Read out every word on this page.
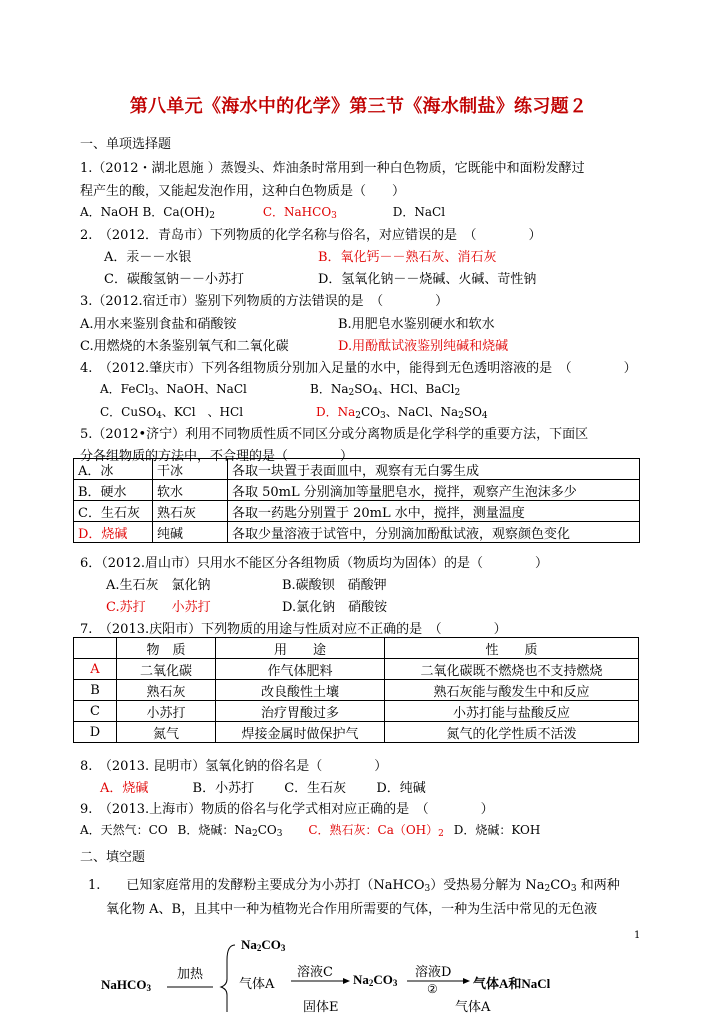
第八单元《海水中的化学》第三节《海水制盐》练习题２
一、单项选择题
1.（2012・湖北恩施 ）蒸馒头、炸油条时常用到一种白色物质，它既能中和面粉发酵过
程产生的酸，又能起发泡作用，这种白色物质是（　　）
A．NaOH B．$Ca(OH)_2$	C．NaHCO$_3$	D．NaCl
2.　（2012．青岛市）下列物质的化学名称与俗名，对应错误的是　（　　　　）
A．汞－－水银	B．氧化钙－－熟石灰、消石灰
C．碳酸氢钠－－小苏打	D．氢氧化钠－－烧碱、火碱、苛性钠
3.（2012.宿迁市）鉴别下列物质的方法错误的是　（　　　　）
A.用水来鉴别食盐和硝酸铵	B.用肥皂水鉴别硬水和软水
C.用燃烧的木条鉴别氧气和二氧化碳	D.用酚酞试液鉴别纯碱和烧碱
4.　（2012.肇庆市）下列各组物质分别加入足量的水中，能得到无色透明溶液的是　（　　　　）
A．FeCl$_3$、NaOH、NaCl	B．$Na_2SO_4$、HCl、BaCl$_2$
C．CuSO$_4$、KCl　、HCl	D．$Na_2CO_3$、NaCl、$Na_2SO_4$
5.（2012•济宁）利用不同物质性质不同区分或分离物质是化学科学的重要方法，下面区
分各组物质的方法中，不合理的是（　　　　）
A．冰	干冰	各取一块置于表面皿中，观察有无白雾生成
B．硬水	软水	各取 50mL 分别滴加等量肥皂水，搅拌，观察产生泡沫多少
C．生石灰	熟石灰	各取一药匙分别置于 20mL 水中，搅拌，测量温度
D．烧碱	纯碱	各取少量溶液于试管中，分别滴加酚酞试液，观察颜色变化
6．（2012.眉山市）只用水不能区分各组物质（物质均为固体）的是（　　　　）
A.生石灰　氯化钠	B.碳酸钡　硝酸钾
C.苏打　　小苏打	D.氯化钠　硝酸铵
7.　（2013.庆阳市）下列物质的用途与性质对应不正确的是　（　　　　）
	物　质	用　　途	性　　质
A	二氧化碳	作气体肥料	二氧化碳既不燃烧也不支持燃烧
B	熟石灰	改良酸性土壤	熟石灰能与酸发生中和反应
C	小苏打	治疗胃酸过多	小苏打能与盐酸反应
D	氮气	焊接金属时做保护气	氮气的化学性质不活泼
8.　（2013. 昆明市）氢氧化钠的俗名是（　　　　）
A．烧碱	B．小苏打 C．生石灰 D．纯碱
9.　（2013.上海市）物质的俗名与化学式相对应正确的是　（　　　　）
A．天然气：CO B．烧碱：$Na_2CO_3$ C．熟石灰：$Ca(OH)_2$ D．烧碱：KOH
二、填空题
1.　　已知家庭常用的发酵粉主要成分为小苏打（NaHCO$_3$）受热易分解为 $Na_2CO_3$ 和两种
氧化物 A、B，且其中一种为植物光合作用所需要的气体，一种为生活中常见的无色液
1
NaHCO$_3$
加热
$Na_2CO_3$
气体A
溶液C $Na_2CO_3$
溶液D
②	气体A和NaCl
固体E	气体A
